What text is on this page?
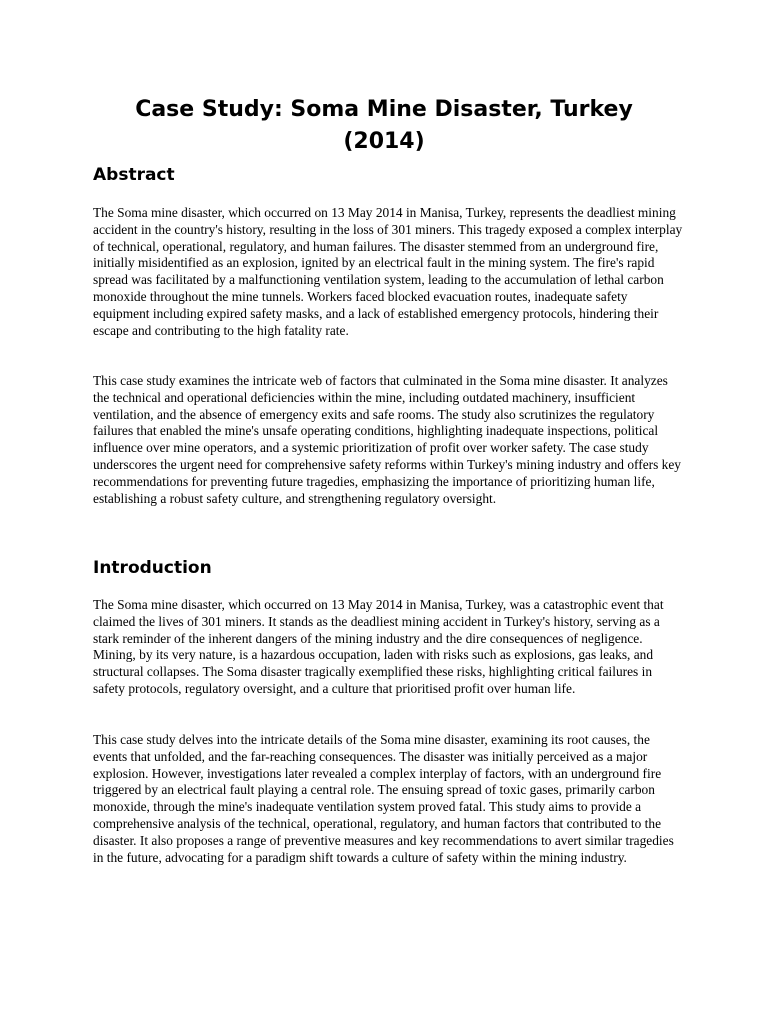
Case Study: Soma Mine Disaster, Turkey (2014)
Abstract

The Soma mine disaster, which occurred on 13 May 2014 in Manisa, Turkey, represents the deadliest mining accident in the country's history, resulting in the loss of 301 miners. This tragedy exposed a complex interplay of technical, operational, regulatory, and human failures. The disaster stemmed from an underground fire, initially misidentified as an explosion, ignited by an electrical fault in the mining system. The fire's rapid spread was facilitated by a malfunctioning ventilation system, leading to the accumulation of lethal carbon monoxide throughout the mine tunnels. Workers faced blocked evacuation routes, inadequate safety equipment including expired safety masks, and a lack of established emergency protocols, hindering their escape and contributing to the high fatality rate.

This case study examines the intricate web of factors that culminated in the Soma mine disaster. It analyzes the technical and operational deficiencies within the mine, including outdated machinery, insufficient ventilation, and the absence of emergency exits and safe rooms. The study also scrutinizes the regulatory failures that enabled the mine's unsafe operating conditions, highlighting inadequate inspections, political influence over mine operators, and a systemic prioritization of profit over worker safety. The case study underscores the urgent need for comprehensive safety reforms within Turkey's mining industry and offers key recommendations for preventing future tragedies, emphasizing the importance of prioritizing human life, establishing a robust safety culture, and strengthening regulatory oversight.

Introduction

The Soma mine disaster, which occurred on 13 May 2014 in Manisa, Turkey, was a catastrophic event that claimed the lives of 301 miners. It stands as the deadliest mining accident in Turkey's history, serving as a stark reminder of the inherent dangers of the mining industry and the dire consequences of negligence. Mining, by its very nature, is a hazardous occupation, laden with risks such as explosions, gas leaks, and structural collapses. The Soma disaster tragically exemplified these risks, highlighting critical failures in safety protocols, regulatory oversight, and a culture that prioritised profit over human life.

This case study delves into the intricate details of the Soma mine disaster, examining its root causes, the events that unfolded, and the far-reaching consequences. The disaster was initially perceived as a major explosion. However, investigations later revealed a complex interplay of factors, with an underground fire triggered by an electrical fault playing a central role. The ensuing spread of toxic gases, primarily carbon monoxide, through the mine's inadequate ventilation system proved fatal. This study aims to provide a comprehensive analysis of the technical, operational, regulatory, and human factors that contributed to the disaster. It also proposes a range of preventive measures and key recommendations to avert similar tragedies in the future, advocating for a paradigm shift towards a culture of safety within the mining industry.
